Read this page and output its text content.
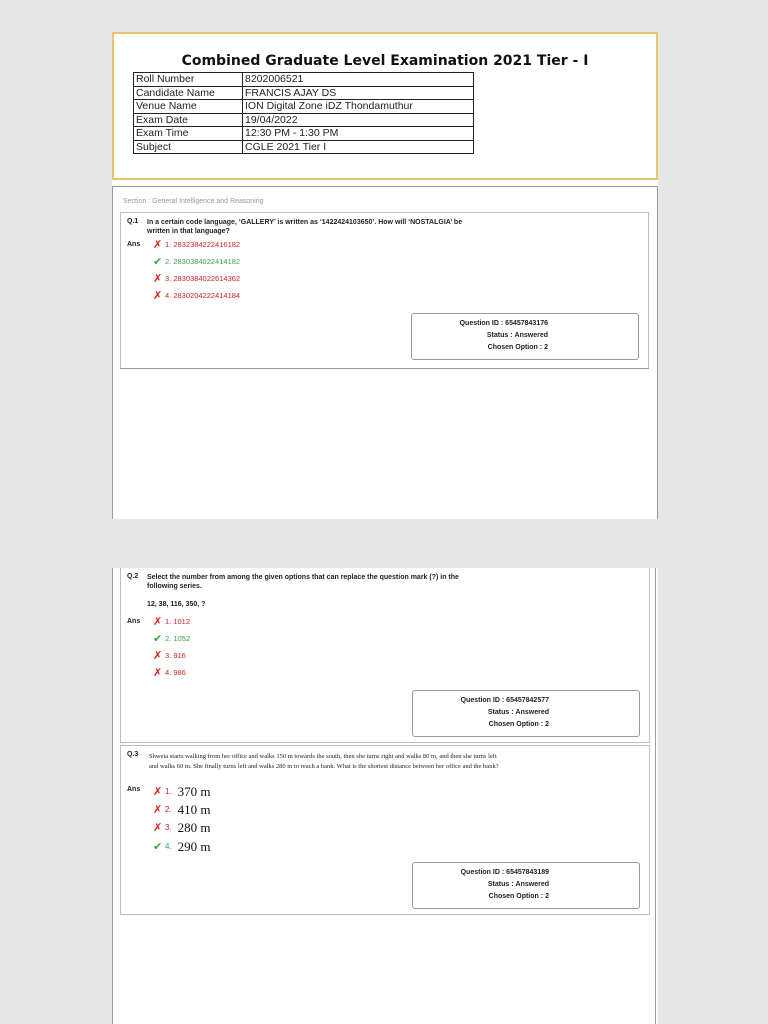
Combined Graduate Level Examination 2021 Tier - I
Roll Number	8202006521
Candidate Name	FRANCIS AJAY DS
Venue Name	ION Digital Zone iDZ Thondamuthur
Exam Date	19/04/2022
Exam Time	12:30 PM - 1:30 PM
Subject	CGLE 2021 Tier I
Section : General Intelligence and Reasoning
Q.1 In a certain code language, ‘GALLERY’ is written as ‘1422424103650’. How will ‘NOSTALGIA’ be written in that language?
Ans ✗ 1. 2832384222416182
✔ 2. 2830384022414182
✗ 3. 2830384022614362
✗ 4. 2830204222414184
Question ID : 65457843176
Status : Answered
Chosen Option : 2
Q.2 Select the number from among the given options that can replace the question mark (?) in the following series.
12, 38, 116, 350, ?
Ans ✗ 1. 1012
✔ 2. 1052
✗ 3. 916
✗ 4. 986
Question ID : 65457842577
Status : Answered
Chosen Option : 2
Q.3 Shweta starts walking from her office and walks 150 m towards the south, then she turns right and walks 80 m, and then she turns left and walks 60 m. She finally turns left and walks 280 m to reach a bank. What is the shortest distance between her office and the bank?
Ans ✗ 1. 370 m
✗ 2. 410 m
✗ 3. 280 m
✔ 4. 290 m
Question ID : 65457843189
Status : Answered
Chosen Option : 2
